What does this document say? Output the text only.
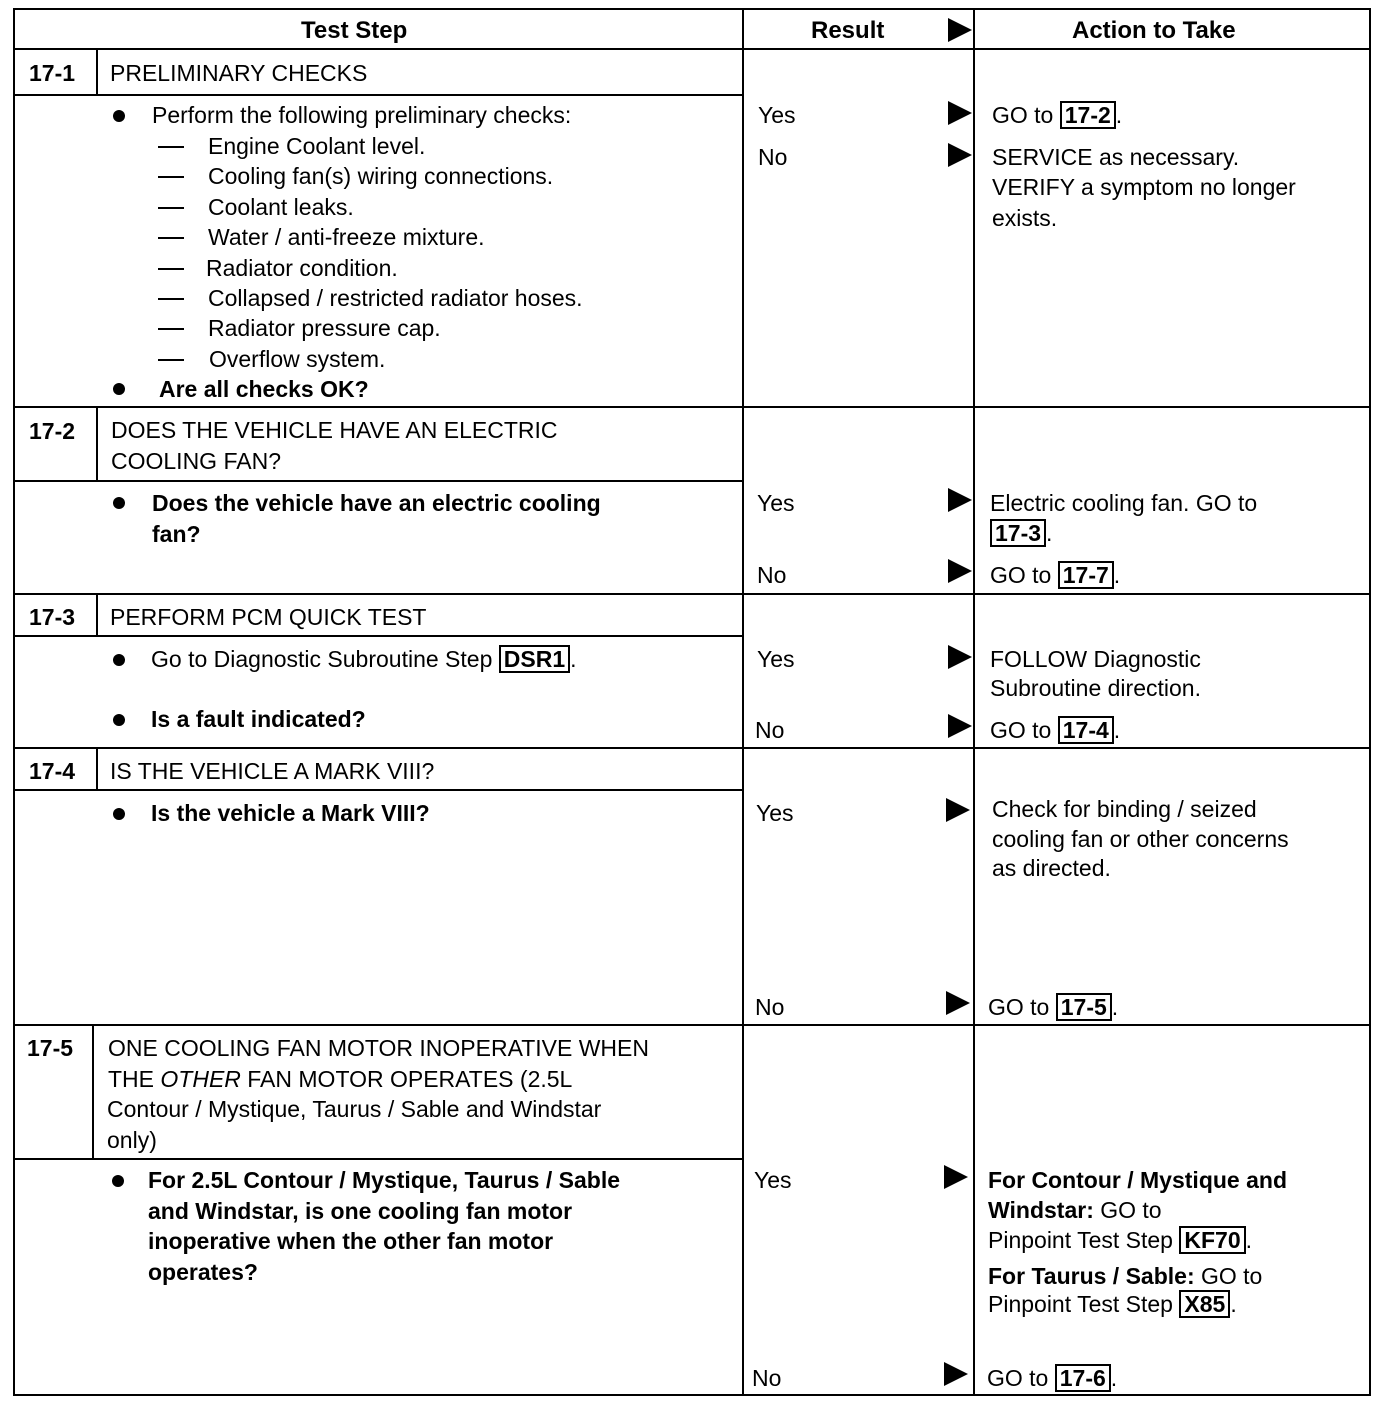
Test Step	Result	Action to Take
17-1 PRELIMINARY CHECKS
Perform the following preliminary checks:
Engine Coolant level.
Cooling fan(s) wiring connections.
Coolant leaks.
Water / anti-freeze mixture.
Radiator condition.
Collapsed / restricted radiator hoses.
Radiator pressure cap.
Overflow system.
Are all checks OK?
Yes	GO to 17-2 .
No	SERVICE as necessary.
VERIFY a symptom no longer
exists.
17-2 DOES THE VEHICLE HAVE AN ELECTRIC
COOLING FAN?
Does the vehicle have an electric cooling
fan?
Yes	Electric cooling fan. GO to
17-3 .
No	GO to 17-7 .
17-3 PERFORM PCM QUICK TEST
Go to Diagnostic Subroutine Step DSR1 .
Is a fault indicated?
Yes	FOLLOW Diagnostic
Subroutine direction.
No	GO to 17-4 .
17-4 IS THE VEHICLE A MARK VIII?
Is the vehicle a Mark VIII?	Yes	Check for binding / seized
cooling fan or other concerns
as directed.
No	GO to 17-5 .
17-5 ONE COOLING FAN MOTOR INOPERATIVE WHEN
THE OTHER FAN MOTOR OPERATES (2.5L
Contour / Mystique, Taurus / Sable and Windstar
only)
For 2.5L Contour / Mystique, Taurus / Sable
and Windstar, is one cooling fan motor
inoperative when the other fan motor
operates?
Yes	For Contour / Mystique and
Windstar: GO to
Pinpoint Test Step KF70 .
For Taurus / Sable: GO to
Pinpoint Test Step X85 .
No	GO to 17-6 .
